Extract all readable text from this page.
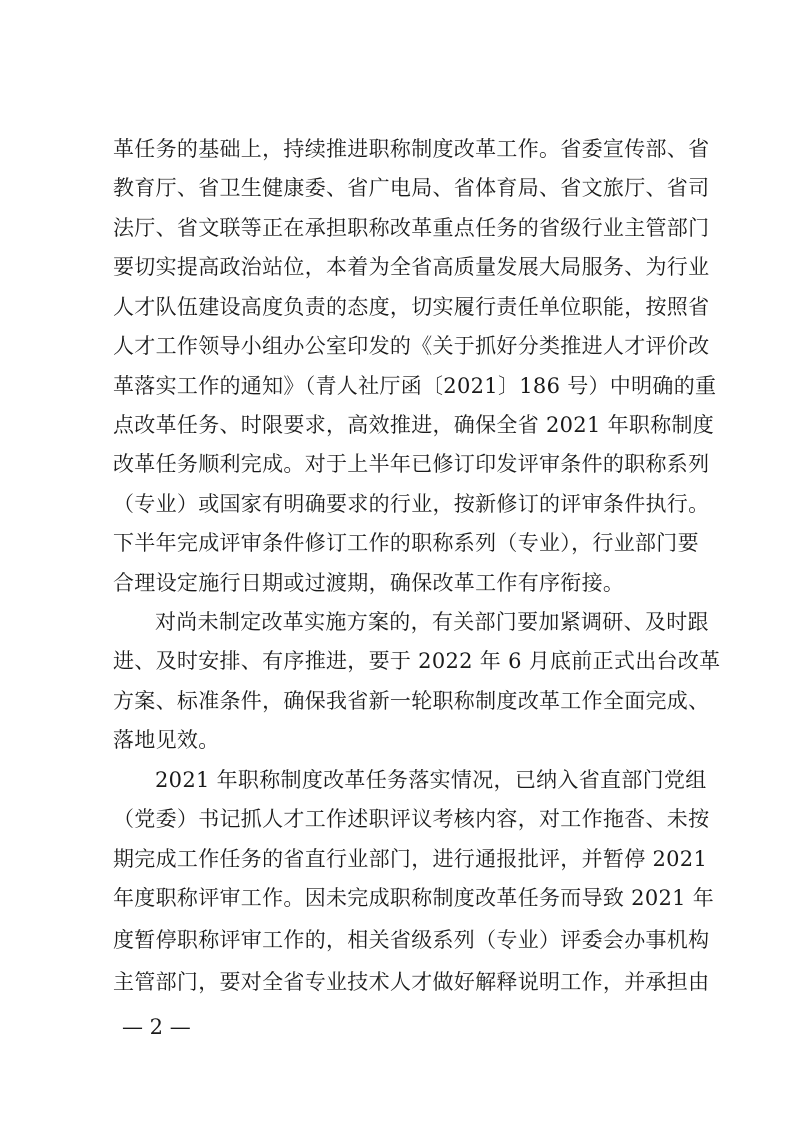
革任务的基础上，持续推进职称制度改革工作。省委宣传部、省
教育厅、省卫生健康委、省广电局、省体育局、省文旅厅、省司
法厅、省文联等正在承担职称改革重点任务的省级行业主管部门
要切实提高政治站位，本着为全省高质量发展大局服务、为行业
人才队伍建设高度负责的态度，切实履行责任单位职能，按照省
人才工作领导小组办公室印发的《关于抓好分类推进人才评价改
革落实工作的通知》（青人社厅函〔2021〕186 号）中明确的重
点改革任务、时限要求，高效推进，确保全省 2021 年职称制度
改革任务顺利完成。对于上半年已修订印发评审条件的职称系列
（专业）或国家有明确要求的行业，按新修订的评审条件执行。
下半年完成评审条件修订工作的职称系列（专业），行业部门要
合理设定施行日期或过渡期，确保改革工作有序衔接。
对尚未制定改革实施方案的，有关部门要加紧调研、及时跟
进、及时安排、有序推进，要于 2022 年 6 月底前正式出台改革
方案、标准条件，确保我省新一轮职称制度改革工作全面完成、
落地见效。
2021 年职称制度改革任务落实情况，已纳入省直部门党组
（党委）书记抓人才工作述职评议考核内容，对工作拖沓、未按
期完成工作任务的省直行业部门，进行通报批评，并暂停 2021
年度职称评审工作。因未完成职称制度改革任务而导致 2021 年
度暂停职称评审工作的，相关省级系列（专业）评委会办事机构
主管部门，要对全省专业技术人才做好解释说明工作，并承担由
— 2 —
